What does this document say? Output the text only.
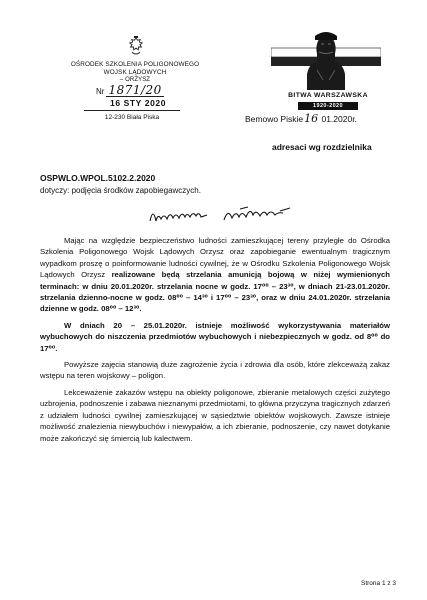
OŚRODEK SZKOLENIA POLIGONOWEGO
WOJSK LĄDOWYCH
– ORZYSZ
Nr 1871/20
16 STY 2020
12-230 Biała Piska
BITWA WARSZAWSKA
1920-2020
Bemowo Piskie 16 01.2020r.
adresaci wg rozdzielnika
OSPWLO.WPOL.5102.2.2020
dotyczy: podjęcia środków zapobiegawczych.

Mając na względzie bezpieczeństwo ludności zamieszkującej tereny przyległe do Ośrodka Szkolenia Poligonowego Wojsk Lądowych Orzysz oraz zapobieganie ewentualnym tragicznym wypadkom proszę o poinformowanie ludności cywilnej, że w Ośrodku Szkolenia Poligonowego Wojsk Lądowych Orzysz realizowane będą strzelania amunicją bojową w niżej wymienionych terminach: w dniu 20.01.2020r. strzelania nocne w godz. 17⁰⁰ – 23³⁰, w dniach 21-23.01.2020r. strzelania dzienno-nocne w godz. 08⁰⁰ – 14³⁰ i 17⁰⁰ – 23³⁰, oraz w dniu 24.01.2020r. strzelania dzienne w godz. 08⁰⁰ – 12³⁰.

W dniach 20 – 25.01.2020r. istnieje możliwość wykorzystywania materiałów wybuchowych do niszczenia przedmiotów wybuchowych i niebezpiecznych w godz. od 8⁰⁰ do 17⁰⁰.

Powyższe zajęcia stanowią duże zagrożenie życia i zdrowia dla osób, które zlekceważą zakaz wstępu na teren wojskowy – poligon.

Lekceważenie zakazów wstępu na obiekty poligonowe, zbieranie metalowych części zużytego uzbrojenia, podnoszenie i zabawa nieznanymi przedmiotami, to główna przyczyna tragicznych zdarzeń z udziałem ludności cywilnej zamieszkującej w sąsiedztwie obiektów wojskowych. Zawsze istnieje możliwość znalezienia niewybuchów i niewypałów, a ich zbieranie, podnoszenie, czy nawet dotykanie może zakończyć się śmiercią lub kalectwem.

Strona 1 z 3
